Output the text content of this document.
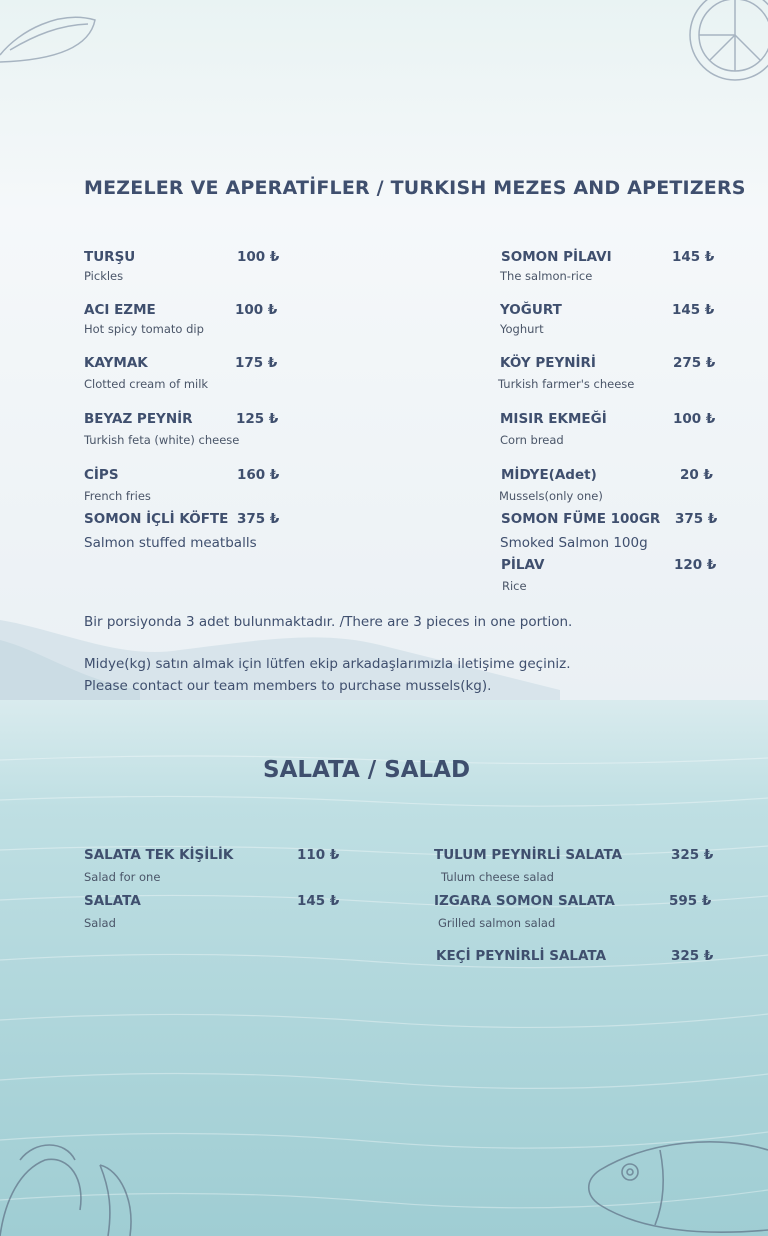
MEZELER VE APERATİFLER / TURKISH MEZES AND APETIZERS
TURŞU
Pickles
100 ₺
ACI EZME
Hot spicy tomato dip
100 ₺
KAYMAK
Clotted cream of milk
175 ₺
BEYAZ PEYNİR
Turkish feta (white) cheese
125 ₺
CİPS
French fries
160 ₺
SOMON İÇLİ KÖFTE
Salmon stuffed meatballs
375 ₺
SOMON PİLAVI
The salmon-rice
145 ₺
YOĞURT
Yoghurt
145 ₺
KÖY PEYNİRİ
Turkish farmer's cheese
275 ₺
MISIR EKMEĞİ
Corn bread
100 ₺
MİDYE(Adet)
Mussels(only one)
20 ₺
SOMON FÜME 100GR
Smoked Salmon 100g
375 ₺
PİLAV
Rice
120 ₺
Bir porsiyonda 3 adet bulunmaktadır. /There are 3 pieces in one portion.
Midye(kg) satın almak için lütfen ekip arkadaşlarımızla iletişime geçiniz.
Please contact our team members to purchase mussels(kg).
SALATA / SALAD
SALATA TEK KİŞİLİK
Salad for one
110 ₺
SALATA
Salad
145 ₺
TULUM PEYNİRLİ SALATA
Tulum cheese salad
325 ₺
IZGARA SOMON SALATA
Grilled salmon salad
595 ₺
KEÇİ PEYNİRLİ SALATA	325 ₺
